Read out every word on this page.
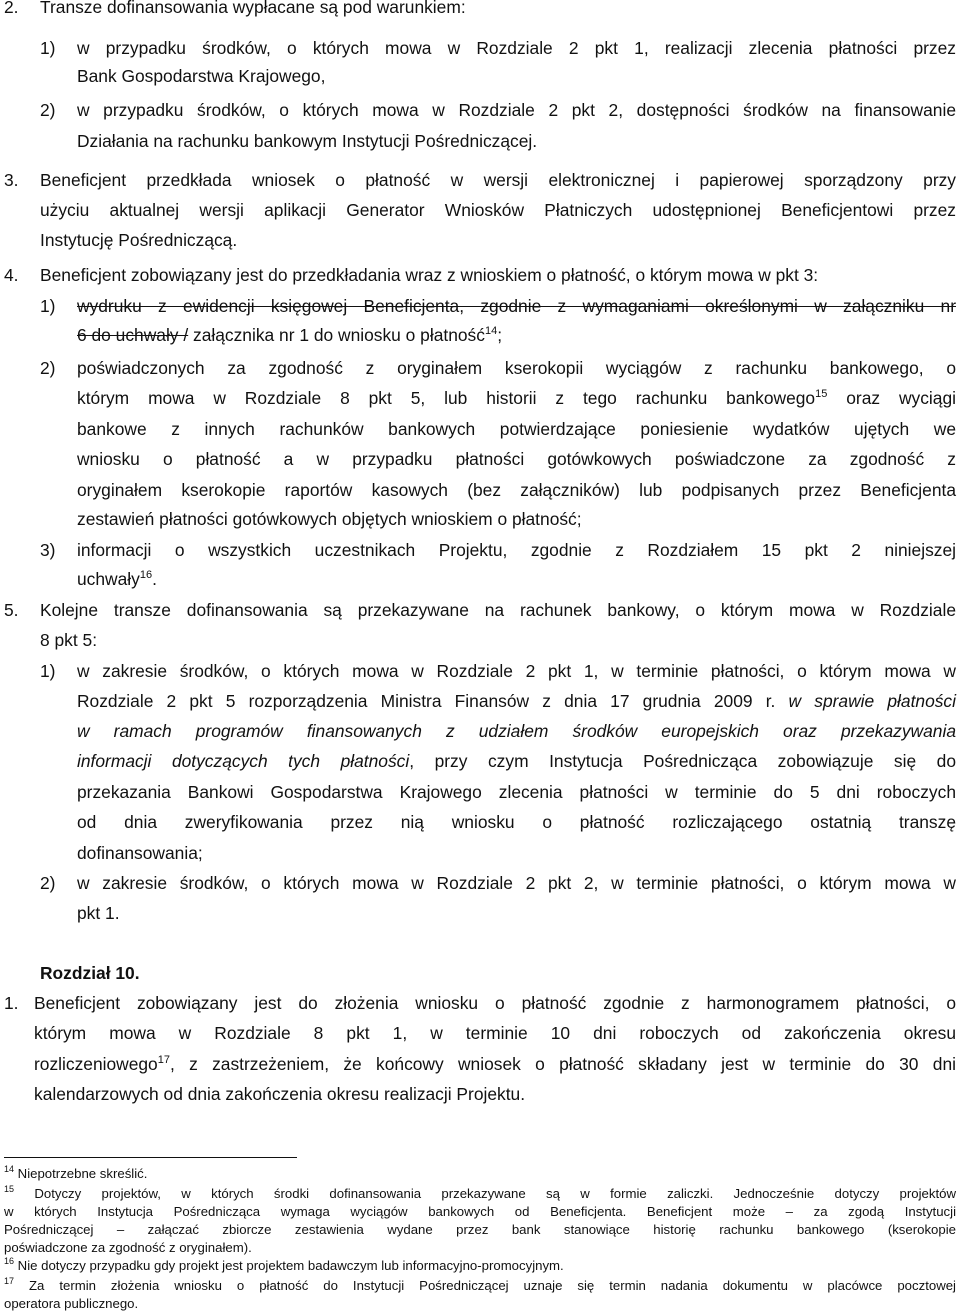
2. Transze dofinansowania wypłacane są pod warunkiem:
1) w przypadku środków, o których mowa w Rozdziale 2 pkt 1, realizacji zlecenia płatności przez
Bank Gospodarstwa Krajowego,
2) w przypadku środków, o których mowa w Rozdziale 2 pkt 2, dostępności środków na finansowanie
Działania na rachunku bankowym Instytucji Pośredniczącej.
3. Beneficjent przedkłada wniosek o płatność w wersji elektronicznej i papierowej sporządzony przy
użyciu aktualnej wersji aplikacji Generator Wniosków Płatniczych udostępnionej Beneficjentowi przez
Instytucję Pośredniczącą.
4. Beneficjent zobowiązany jest do przedkładania wraz z wnioskiem o płatność, o którym mowa w pkt 3:
1) wydruku z ewidencji księgowej Beneficjenta, zgodnie z wymaganiami określonymi w załączniku nr
6 do uchwały / załącznika nr 1 do wniosku o płatność$^{14}$;
2) poświadczonych za zgodność z oryginałem kserokopii wyciągów z rachunku bankowego, o
którym mowa w Rozdziale 8 pkt 5, lub historii z tego rachunku bankowego$^{15}$ oraz wyciągi
bankowe z innych rachunków bankowych potwierdzające poniesienie wydatków ujętych we
wniosku o płatność a w przypadku płatności gotówkowych poświadczone za zgodność z
oryginałem kserokopie raportów kasowych (bez załączników) lub podpisanych przez Beneficjenta
zestawień płatności gotówkowych objętych wnioskiem o płatność;
3) informacji o wszystkich uczestnikach Projektu, zgodnie z Rozdziałem 15 pkt 2 niniejszej
uchwały$^{16}$.
5. Kolejne transze dofinansowania są przekazywane na rachunek bankowy, o którym mowa w Rozdziale
8 pkt 5:
1) w zakresie środków, o których mowa w Rozdziale 2 pkt 1, w terminie płatności, o którym mowa w
Rozdziale 2 pkt 5 rozporządzenia Ministra Finansów z dnia 17 grudnia 2009 r. w sprawie płatności
w ramach programów finansowanych z udziałem środków europejskich oraz przekazywania
informacji dotyczących tych płatności, przy czym Instytucja Pośrednicząca zobowiązuje się do
przekazania Bankowi Gospodarstwa Krajowego zlecenia płatności w terminie do 5 dni roboczych
od dnia zweryfikowania przez nią wniosku o płatność rozliczającego ostatnią transzę
dofinansowania;
2) w zakresie środków, o których mowa w Rozdziale 2 pkt 2, w terminie płatności, o którym mowa w
pkt 1.
Rozdział 10.
1. Beneficjent zobowiązany jest do złożenia wniosku o płatność zgodnie z harmonogramem płatności, o
którym mowa w Rozdziale 8 pkt 1, w terminie 10 dni roboczych od zakończenia okresu
rozliczeniowego$^{17}$, z zastrzeżeniem, że końcowy wniosek o płatność składany jest w terminie do 30 dni
kalendarzowych od dnia zakończenia okresu realizacji Projektu.
$^{14}$ Niepotrzebne skreślić.
$^{15}$ Dotyczy projektów, w których środki dofinansowania przekazywane są w formie zaliczki. Jednocześnie dotyczy projektów
w których Instytucja Pośrednicząca wymaga wyciągów bankowych od Beneficjenta. Beneficjent może – za zgodą Instytucji
Pośredniczącej – załączać zbiorcze zestawienia wydane przez bank stanowiące historię rachunku bankowego (kserokopie
poświadczone za zgodność z oryginałem).
$^{16}$ Nie dotyczy przypadku gdy projekt jest projektem badawczym lub informacyjno-promocyjnym.
$^{17}$ Za termin złożenia wniosku o płatność do Instytucji Pośredniczącej uznaje się termin nadania dokumentu w placówce pocztowej
operatora publicznego.
